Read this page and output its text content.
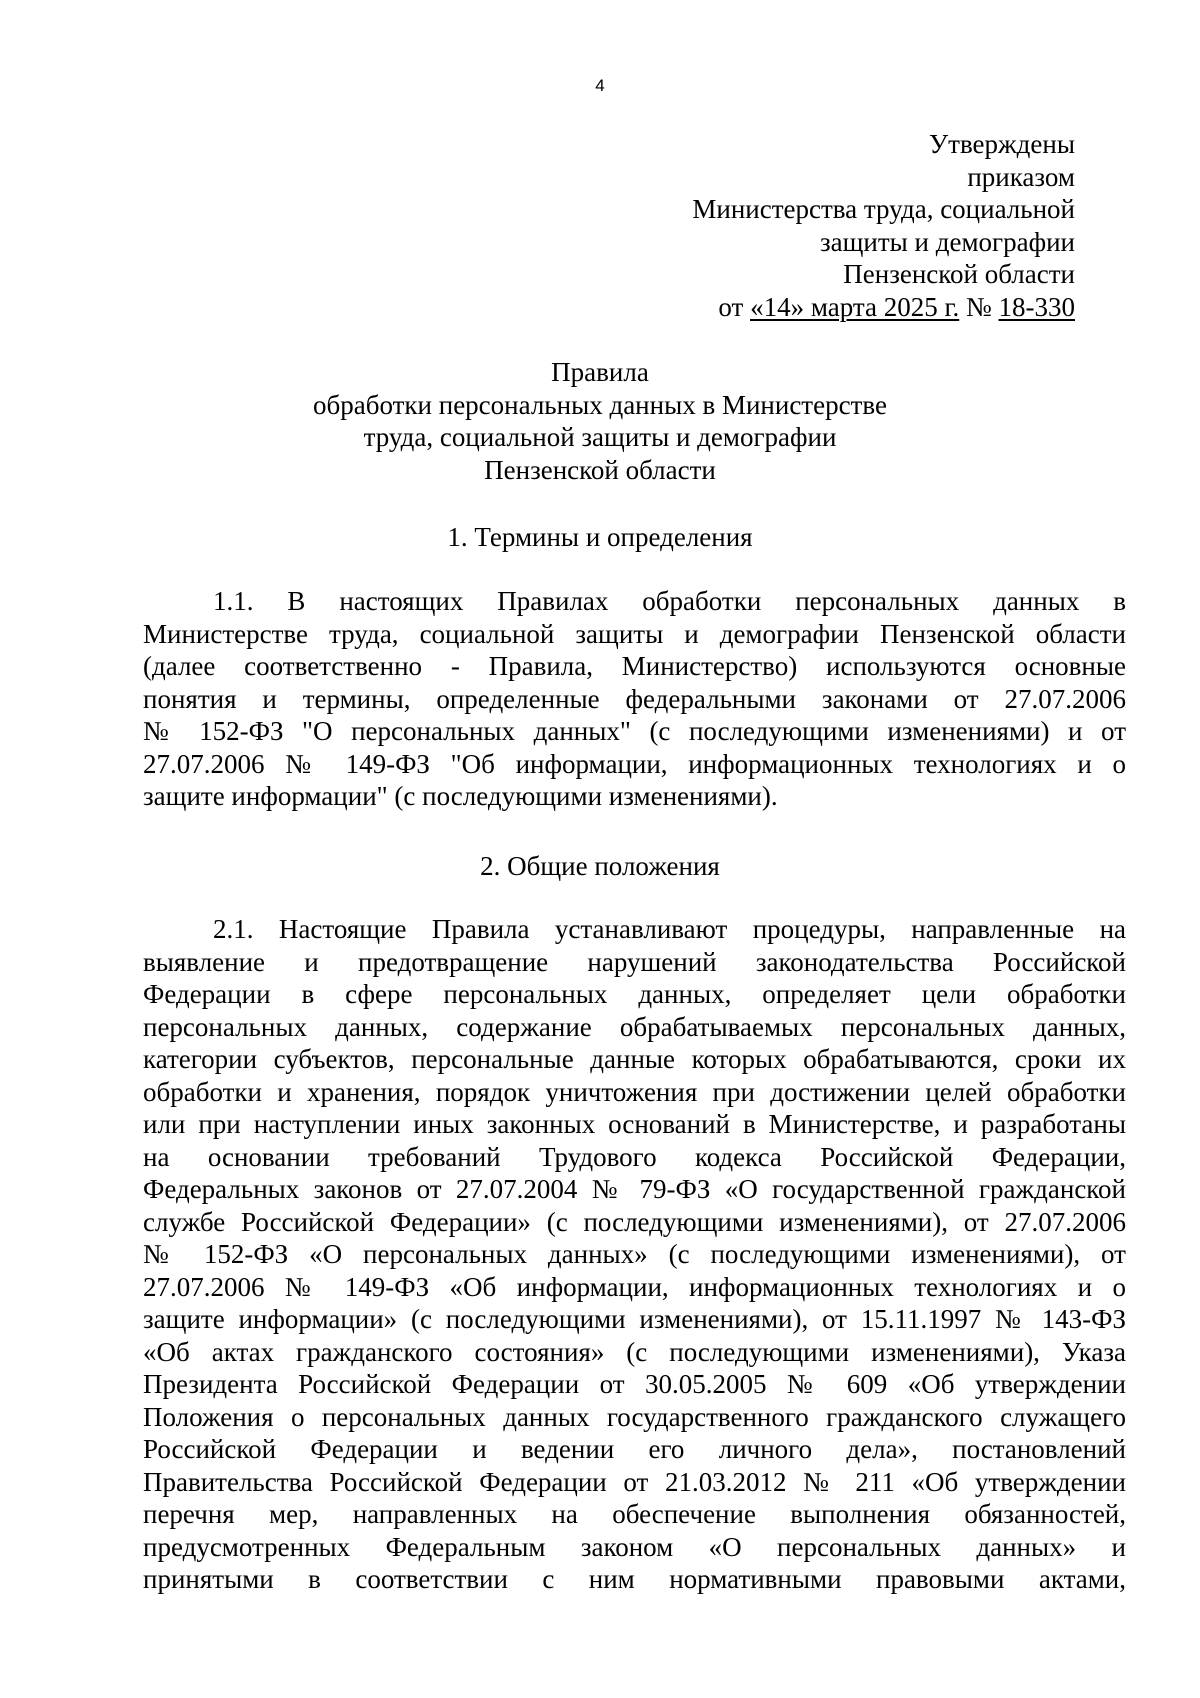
4
Утверждены
приказом
Министерства труда, социальной
защиты и демографии
Пензенской области
от «14» марта 2025 г. № 18-330
Правила
обработки персональных данных в Министерстве
труда, социальной защиты и демографии
Пензенской области
1. Термины и определения
1.1. В настоящих Правилах обработки персональных данных в
Министерстве труда, социальной защиты и демографии Пензенской области
(далее соответственно - Правила, Министерство) используются основные
понятия и термины, определенные федеральными законами от 27.07.2006
№ 152-ФЗ "О персональных данных" (с последующими изменениями) и от
27.07.2006 № 149-ФЗ "Об информации, информационных технологиях и о
защите информации" (с последующими изменениями).
2. Общие положения
2.1. Настоящие Правила устанавливают процедуры, направленные на
выявление и предотвращение нарушений законодательства Российской
Федерации в сфере персональных данных, определяет цели обработки
персональных данных, содержание обрабатываемых персональных данных,
категории субъектов, персональные данные которых обрабатываются, сроки их
обработки и хранения, порядок уничтожения при достижении целей обработки
или при наступлении иных законных оснований в Министерстве, и разработаны
на основании требований Трудового кодекса Российской Федерации,
Федеральных законов от 27.07.2004 № 79-ФЗ «О государственной гражданской
службе Российской Федерации» (с последующими изменениями), от 27.07.2006
№ 152-ФЗ «О персональных данных» (с последующими изменениями), от
27.07.2006 № 149-ФЗ «Об информации, информационных технологиях и о
защите информации» (с последующими изменениями), от 15.11.1997 № 143-ФЗ
«Об актах гражданского состояния» (с последующими изменениями), Указа
Президента Российской Федерации от 30.05.2005 № 609 «Об утверждении
Положения о персональных данных государственного гражданского служащего
Российской Федерации и ведении его личного дела», постановлений
Правительства Российской Федерации от 21.03.2012 № 211 «Об утверждении
перечня мер, направленных на обеспечение выполнения обязанностей,
предусмотренных Федеральным законом «О персональных данных» и
принятыми в соответствии с ним нормативными правовыми актами,
